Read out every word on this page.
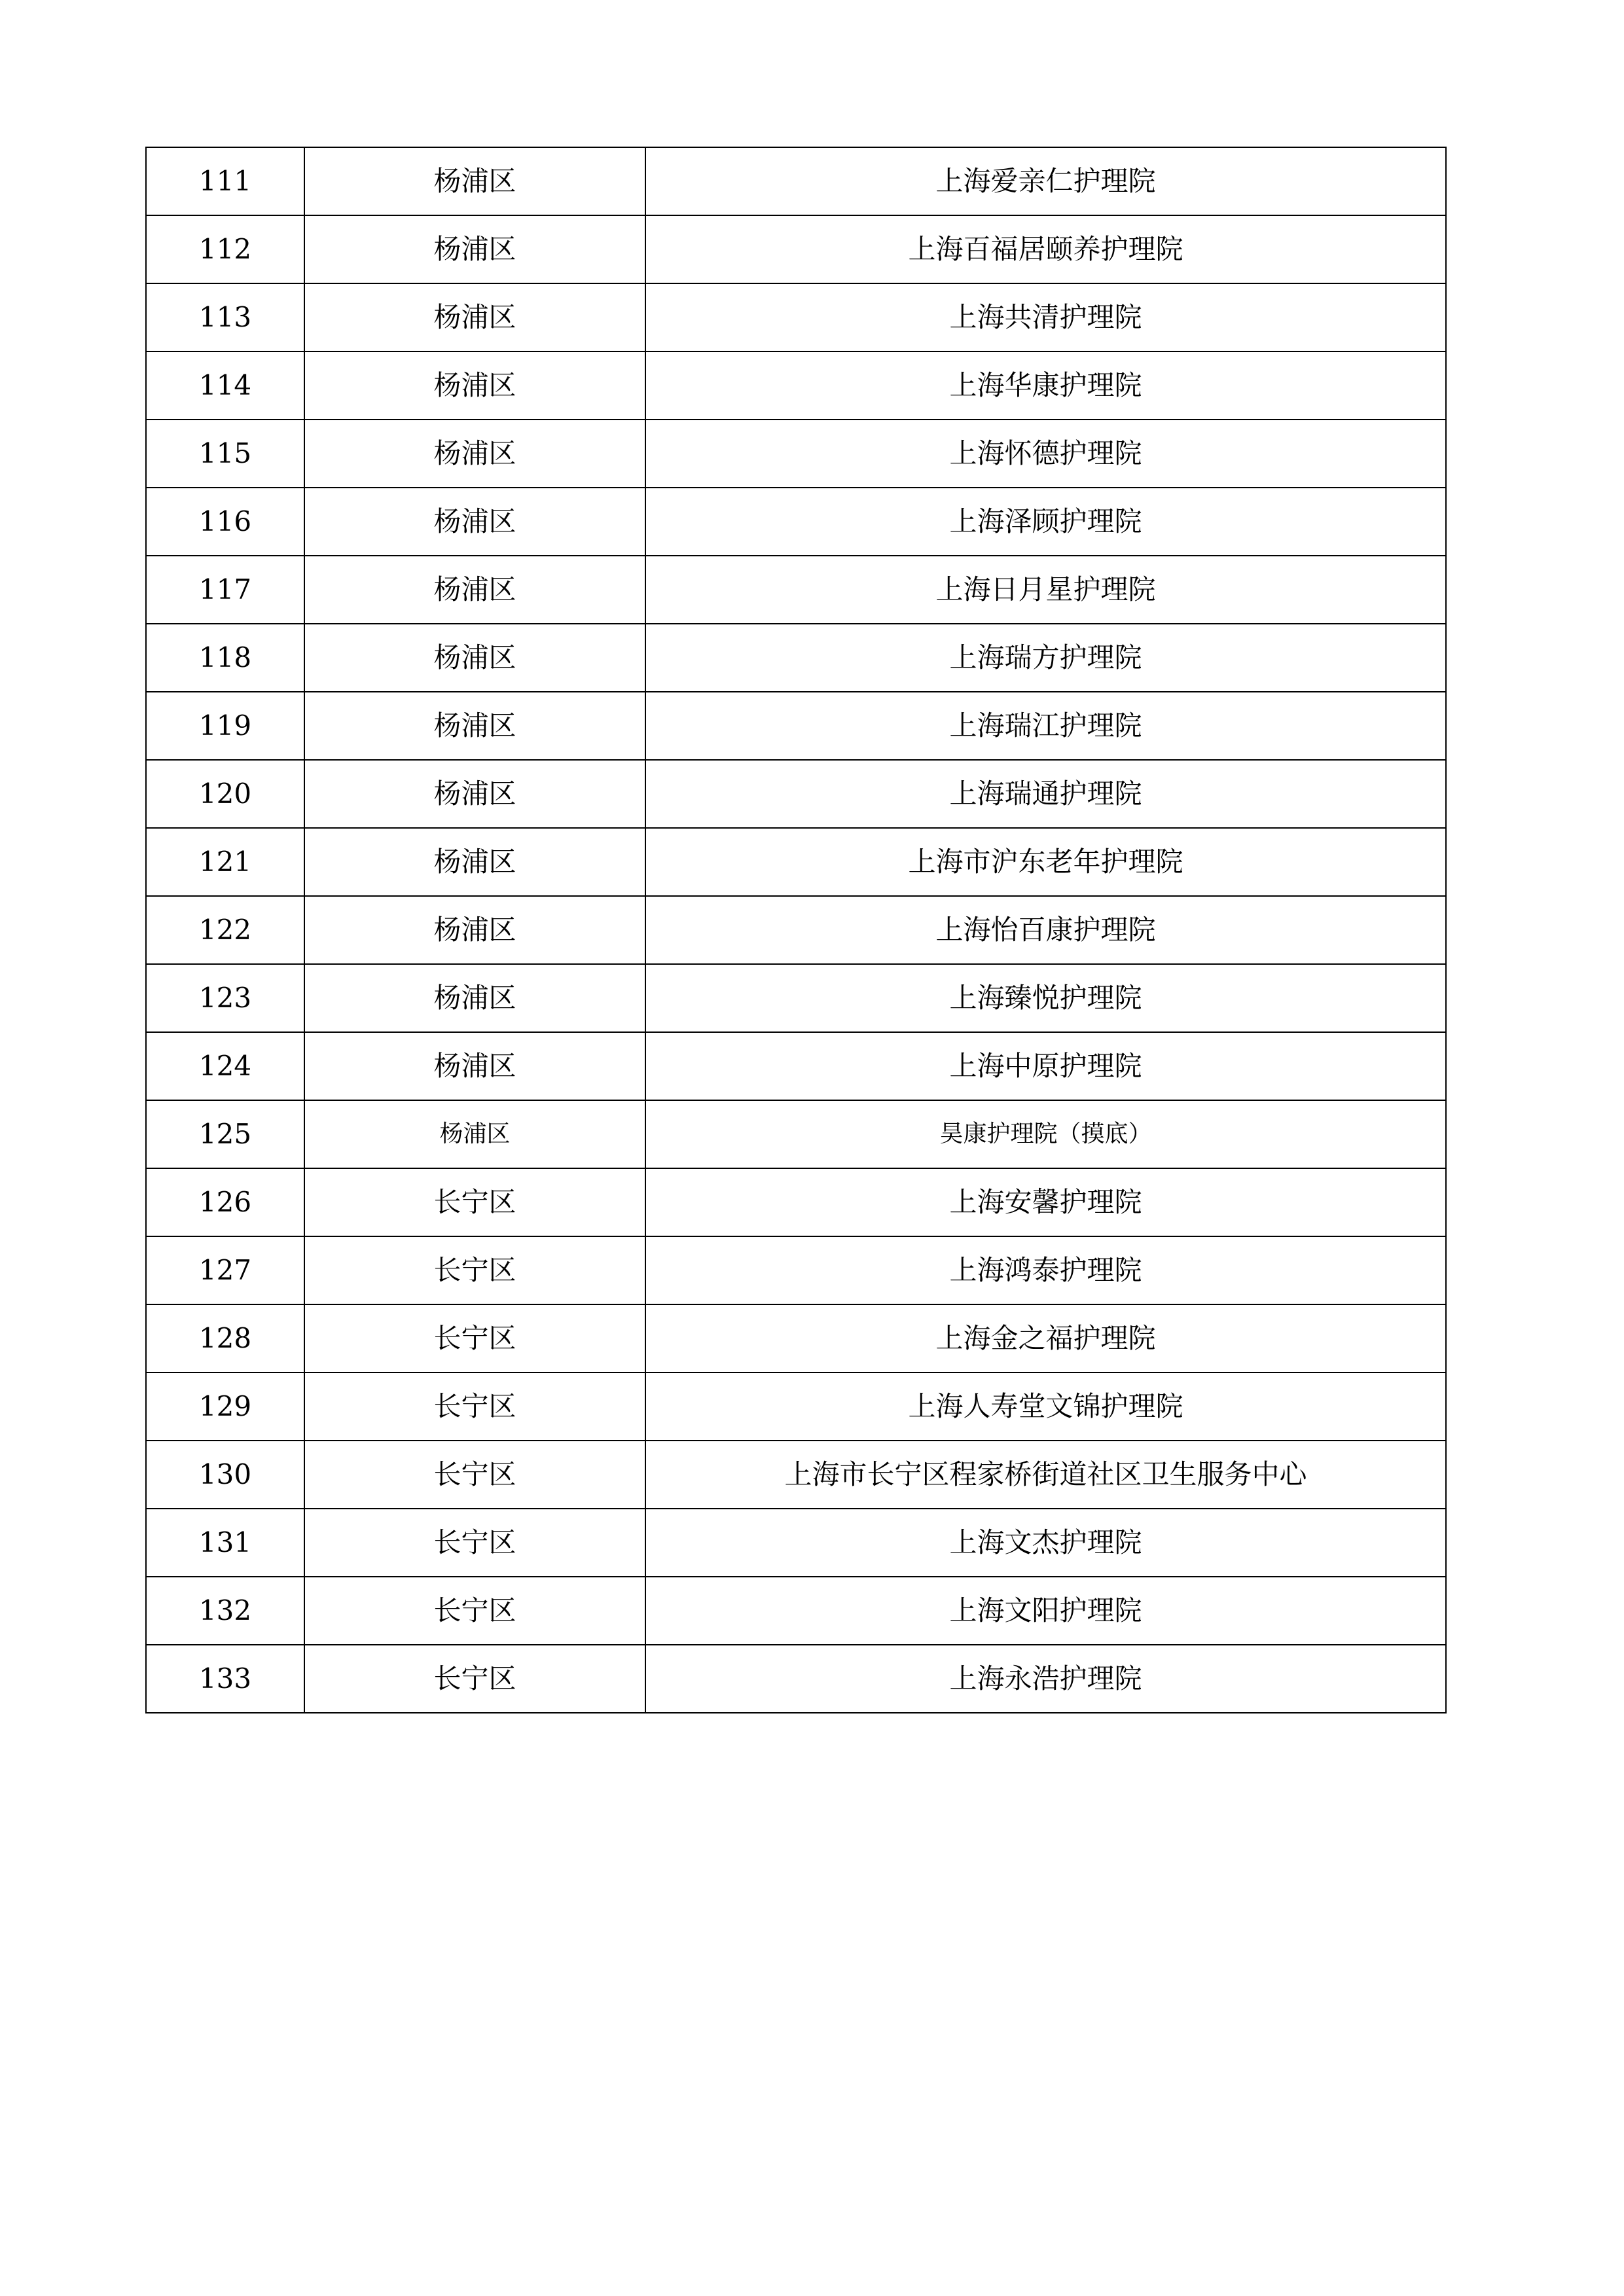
111	杨浦区	上海爱亲仁护理院
112	杨浦区	上海百福居颐养护理院
113	杨浦区	上海共清护理院
114	杨浦区	上海华康护理院
115	杨浦区	上海怀德护理院
116	杨浦区	上海泽顾护理院
117	杨浦区	上海日月星护理院
118	杨浦区	上海瑞方护理院
119	杨浦区	上海瑞江护理院
120	杨浦区	上海瑞通护理院
121	杨浦区	上海市沪东老年护理院
122	杨浦区	上海怡百康护理院
123	杨浦区	上海臻悦护理院
124	杨浦区	上海中原护理院
125	杨浦区	昊康护理院（摸底）
126	长宁区	上海安馨护理院
127	长宁区	上海鸿泰护理院
128	长宁区	上海金之福护理院
129	长宁区	上海人寿堂文锦护理院
130	长宁区	上海市长宁区程家桥街道社区卫生服务中心
131	长宁区	上海文杰护理院
132	长宁区	上海文阳护理院
133	长宁区	上海永浩护理院
